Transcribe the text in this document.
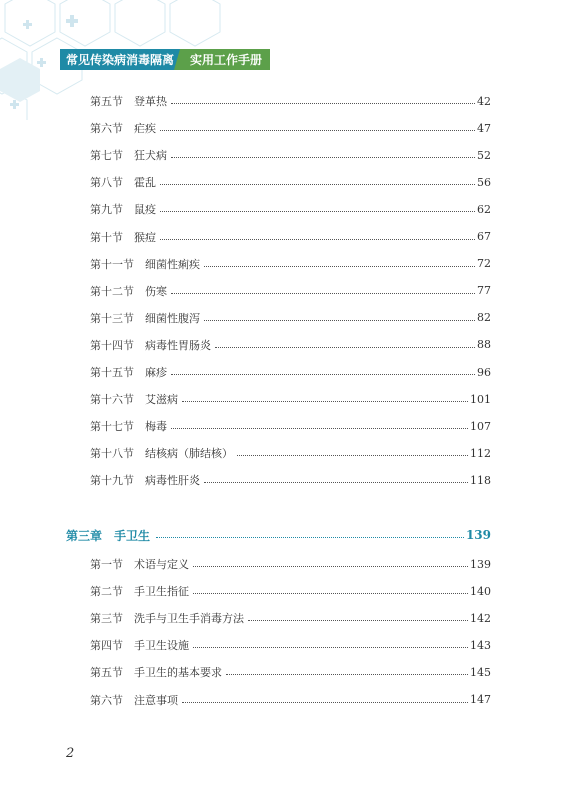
常见传染病消毒隔离	实用工作手册
第五节 登革热	42
第六节 疟疾	47
第七节 狂犬病	52
第八节 霍乱	56
第九节 鼠疫	62
第十节 猴痘	67
第十一节 细菌性痢疾	72
第十二节 伤寒	77
第十三节 细菌性腹泻	82
第十四节 病毒性胃肠炎	88
第十五节 麻疹	96
第十六节 艾滋病	101
第十七节 梅毒	107
第十八节 结核病（肺结核）	112
第十九节 病毒性肝炎	118
第三章 手卫生	139
第一节 术语与定义	139
第二节 手卫生指征	140
第三节 洗手与卫生手消毒方法	142
第四节 手卫生设施	143
第五节 手卫生的基本要求	145
第六节 注意事项	147
2
